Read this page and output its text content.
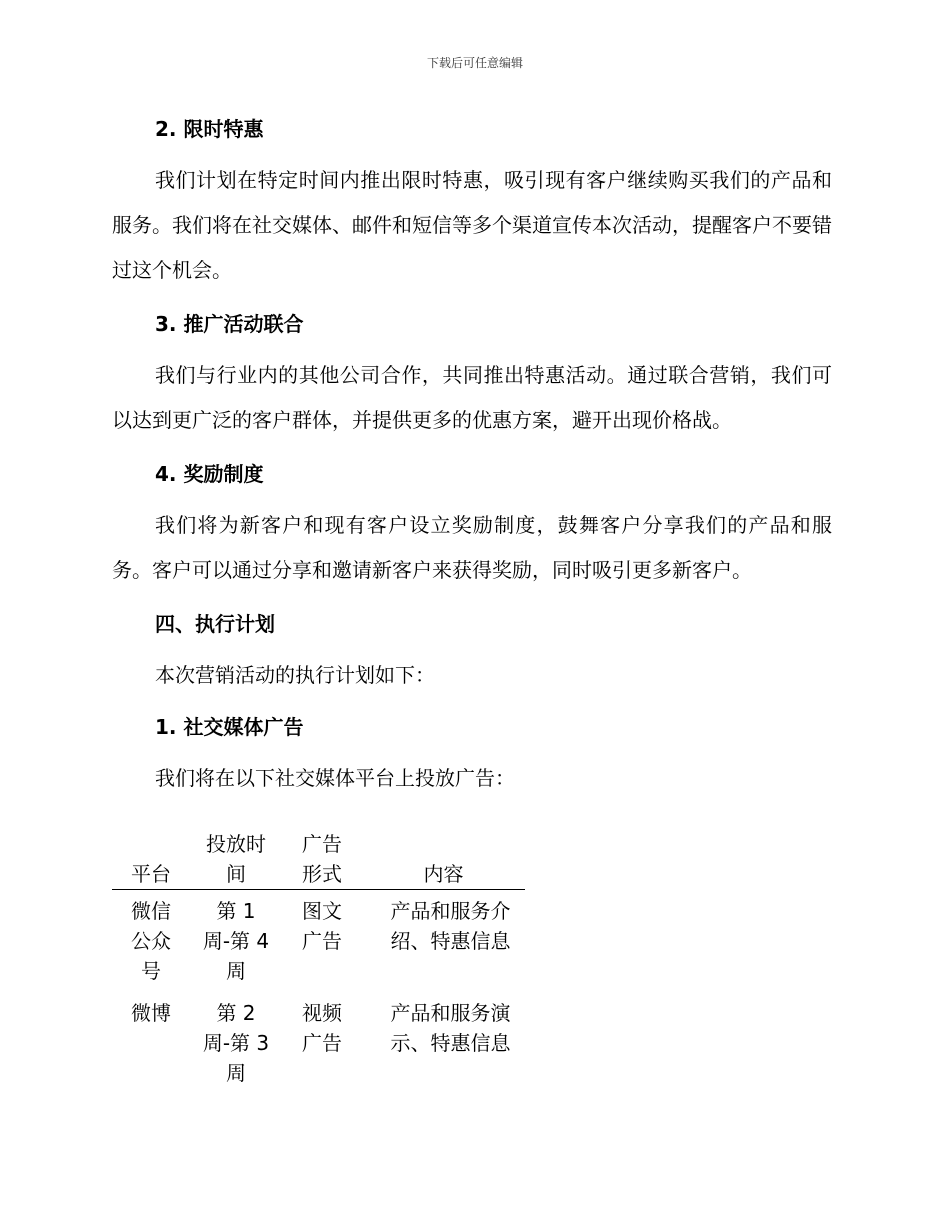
下载后可任意编辑
2. 限时特惠

我们计划在特定时间内推出限时特惠，吸引现有客户继续购买我们的产品和服务。我们将在社交媒体、邮件和短信等多个渠道宣传本次活动，提醒客户不要错过这个机会。

3. 推广活动联合

我们与行业内的其他公司合作，共同推出特惠活动。通过联合营销，我们可以达到更广泛的客户群体，并提供更多的优惠方案，避开出现价格战。

4. 奖励制度

我们将为新客户和现有客户设立奖励制度，鼓舞客户分享我们的产品和服务。客户可以通过分享和邀请新客户来获得奖励，同时吸引更多新客户。

四、执行计划

本次营销活动的执行计划如下：

1. 社交媒体广告

我们将在以下社交媒体平台上投放广告：

平台	投放时间	广告形式	内容
微信公众号	第 1 周-第 4 周	图文广告	产品和服务介绍、特惠信息
微博	第 2 周-第 3 周	视频广告	产品和服务演示、特惠信息
